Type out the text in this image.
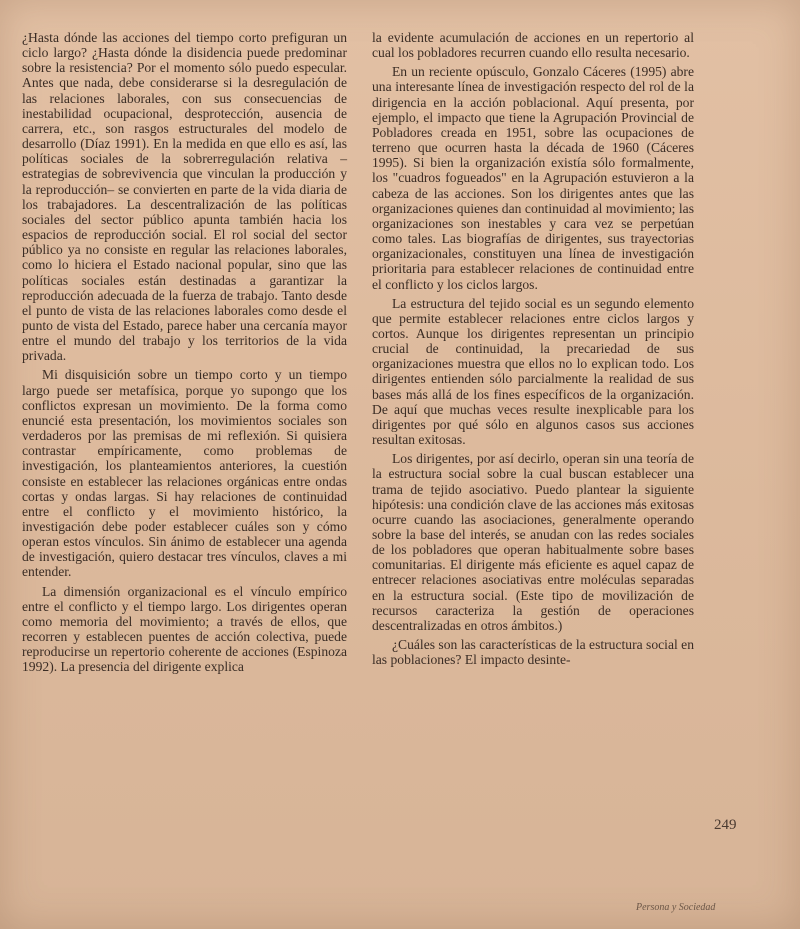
¿Hasta dónde las acciones del tiempo corto prefiguran un ciclo largo? ¿Hasta dónde la disidencia puede predominar sobre la resistencia? Por el momento sólo puedo especular. Antes que nada, debe considerarse si la desregulación de las relaciones laborales, con sus consecuencias de inestabilidad ocupacional, desprotección, ausencia de carrera, etc., son rasgos estructurales del modelo de desarrollo (Díaz 1991). En la medida en que ello es así, las políticas sociales de la sobrerregulación relativa –estrategias de sobrevivencia que vinculan la producción y la reproducción– se convierten en parte de la vida diaria de los trabajadores. La descentralización de las políticas sociales del sector público apunta también hacia los espacios de reproducción social. El rol social del sector público ya no consiste en regular las relaciones laborales, como lo hiciera el Estado nacional popular, sino que las políticas sociales están destinadas a garantizar la reproducción adecuada de la fuerza de trabajo. Tanto desde el punto de vista de las relaciones laborales como desde el punto de vista del Estado, parece haber una cercanía mayor entre el mundo del trabajo y los territorios de la vida privada.

Mi disquisición sobre un tiempo corto y un tiempo largo puede ser metafísica, porque yo supongo que los conflictos expresan un movimiento. De la forma como enuncié esta presentación, los movimientos sociales son verdaderos por las premisas de mi reflexión. Si quisiera contrastar empíricamente, como problemas de investigación, los planteamientos anteriores, la cuestión consiste en establecer las relaciones orgánicas entre ondas cortas y ondas largas. Si hay relaciones de continuidad entre el conflicto y el movimiento histórico, la investigación debe poder establecer cuáles son y cómo operan estos vínculos. Sin ánimo de establecer una agenda de investigación, quiero destacar tres vínculos, claves a mi entender.

La dimensión organizacional es el vínculo empírico entre el conflicto y el tiempo largo. Los dirigentes operan como memoria del movimiento; a través de ellos, que recorren y establecen puentes de acción colectiva, puede reproducirse un repertorio coherente de acciones (Espinoza 1992). La presencia del dirigente explica

la evidente acumulación de acciones en un repertorio al cual los pobladores recurren cuando ello resulta necesario.

En un reciente opúsculo, Gonzalo Cáceres (1995) abre una interesante línea de investigación respecto del rol de la dirigencia en la acción poblacional. Aquí presenta, por ejemplo, el impacto que tiene la Agrupación Provincial de Pobladores creada en 1951, sobre las ocupaciones de terreno que ocurren hasta la década de 1960 (Cáceres 1995). Si bien la organización existía sólo formalmente, los "cuadros fogueados" en la Agrupación estuvieron a la cabeza de las acciones. Son los dirigentes antes que las organizaciones quienes dan continuidad al movimiento; las organizaciones son inestables y cara vez se perpetúan como tales. Las biografías de dirigentes, sus trayectorias organizacionales, constituyen una línea de investigación prioritaria para establecer relaciones de continuidad entre el conflicto y los ciclos largos.

La estructura del tejido social es un segundo elemento que permite establecer relaciones entre ciclos largos y cortos. Aunque los dirigentes representan un principio crucial de continuidad, la precariedad de sus organizaciones muestra que ellos no lo explican todo. Los dirigentes entienden sólo parcialmente la realidad de sus bases más allá de los fines específicos de la organización. De aquí que muchas veces resulte inexplicable para los dirigentes por qué sólo en algunos casos sus acciones resultan exitosas.

Los dirigentes, por así decirlo, operan sin una teoría de la estructura social sobre la cual buscan establecer una trama de tejido asociativo. Puedo plantear la siguiente hipótesis: una condición clave de las acciones más exitosas ocurre cuando las asociaciones, generalmente operando sobre la base del interés, se anudan con las redes sociales de los pobladores que operan habitualmente sobre bases comunitarias. El dirigente más eficiente es aquel capaz de entrecer relaciones asociativas entre moléculas separadas en la estructura social. (Este tipo de movilización de recursos caracteriza la gestión de operaciones descentralizadas en otros ámbitos.)

¿Cuáles son las características de la estructura social en las poblaciones? El impacto desinte-

249
Persona y Sociedad
